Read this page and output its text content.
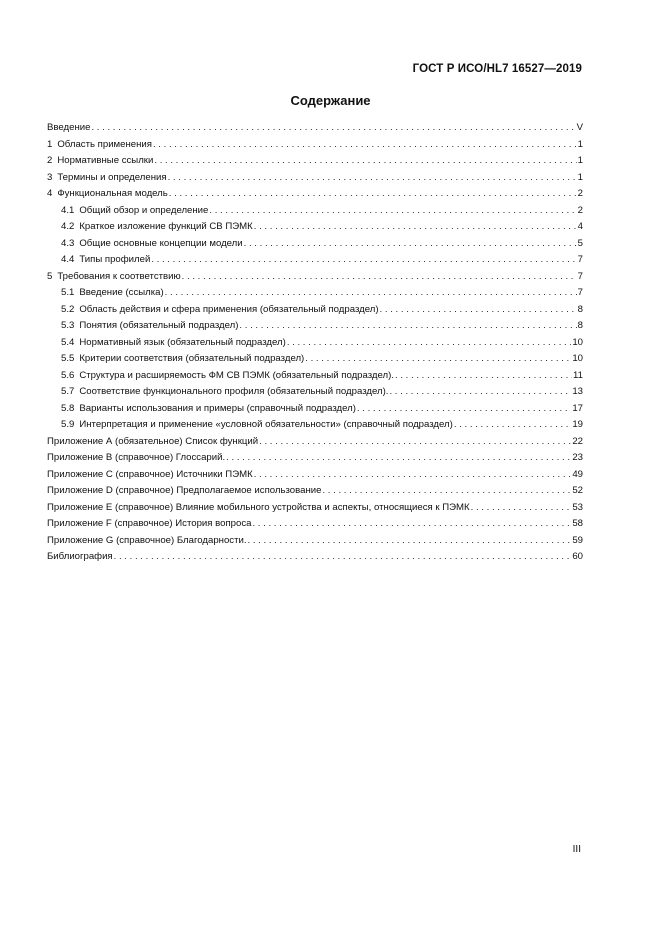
ГОСТ Р ИСО/HL7 16527—2019
Содержание
Введение . . .	V
1 Область применения . . .	1
2 Нормативные ссылки . . .	1
3 Термины и определения . . .	1
4 Функциональная модель . . .	2
4.1 Общий обзор и определение . . .	2
4.2 Краткое изложение функций СВ ПЭМК . . .	4
4.3 Общие основные концепции модели . . .	5
4.4 Типы профилей . . .	7
5 Требования к соответствию . . .	7
5.1 Введение (ссылка) . . .	7
5.2 Область действия и сфера применения (обязательный подраздел) . . .	8
5.3 Понятия (обязательный подраздел) . . .	8
5.4 Нормативный язык (обязательный подраздел) . . .	10
5.5 Критерии соответствия (обязательный подраздел) . . .	10
5.6 Структура и расширяемость ФМ СВ ПЭМК (обязательный подраздел). . . .	11
5.7 Соответствие функционального профиля (обязательный подраздел). . . .	13
5.8 Варианты использования и примеры (справочный подраздел) . . .	17
5.9 Интерпретация и применение «условной обязательности» (справочный подраздел) . . .	19
Приложение А (обязательное) Список функций . . .	22
Приложение В (справочное) Глоссарий. . . .	23
Приложение С (справочное) Источники ПЭМК . . .	49
Приложение D (справочное) Предполагаемое использование . . .	52
Приложение Е (справочное) Влияние мобильного устройства и аспекты, относящиеся к ПЭМК . . .	53
Приложение F (справочное) История вопроса . . .	58
Приложение G (справочное) Благодарности. . . .	59
Библиография . . .	60
III
